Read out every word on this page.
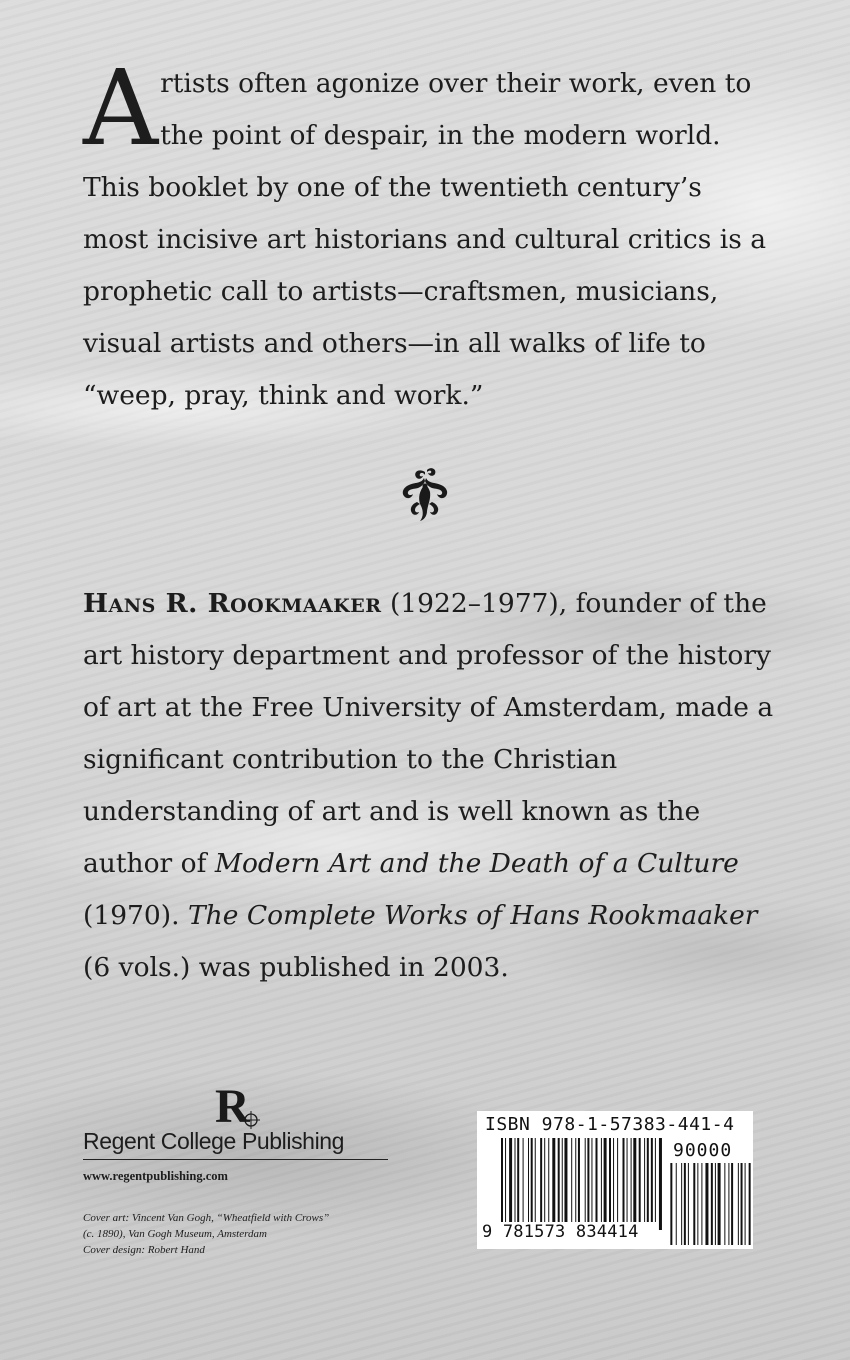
Artists often agonize over their work, even to the point of despair, in the modern world. This booklet by one of the twentieth century’s most incisive art historians and cultural critics is a prophetic call to artists—craftsmen, musicians, visual artists and others—in all walks of life to “weep, pray, think and work.”

Hans R. Rookmaaker (1922–1977), founder of the art history department and professor of the history of art at the Free University of Amsterdam, made a significant contribution to the Christian understanding of art and is well known as the author of Modern Art and the Death of a Culture (1970). The Complete Works of Hans Rookmaaker (6 vols.) was published in 2003.

R
Regent College Publishing
www.regentpublishing.com
Cover art: Vincent Van Gogh, “Wheatfield with Crows”
(c. 1890), Van Gogh Museum, Amsterdam
Cover design: Robert Hand
ISBN 978-1-57383-441-4
90000
9 781573 834414
